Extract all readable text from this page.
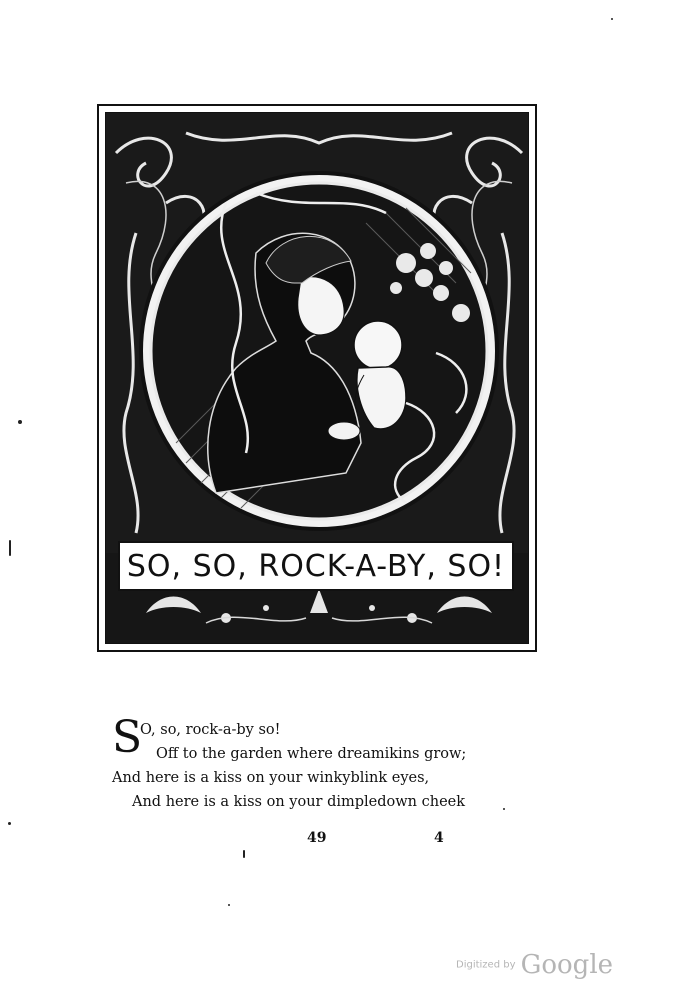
SO, SO, ROCK-A-BY, SO!
S
O, so, rock-a-by so!
Off to the garden where dreamikins grow;
And here is a kiss on your winkyblink eyes,
And here is a kiss on your dimpledown cheek
49	4
Digitized by Google
